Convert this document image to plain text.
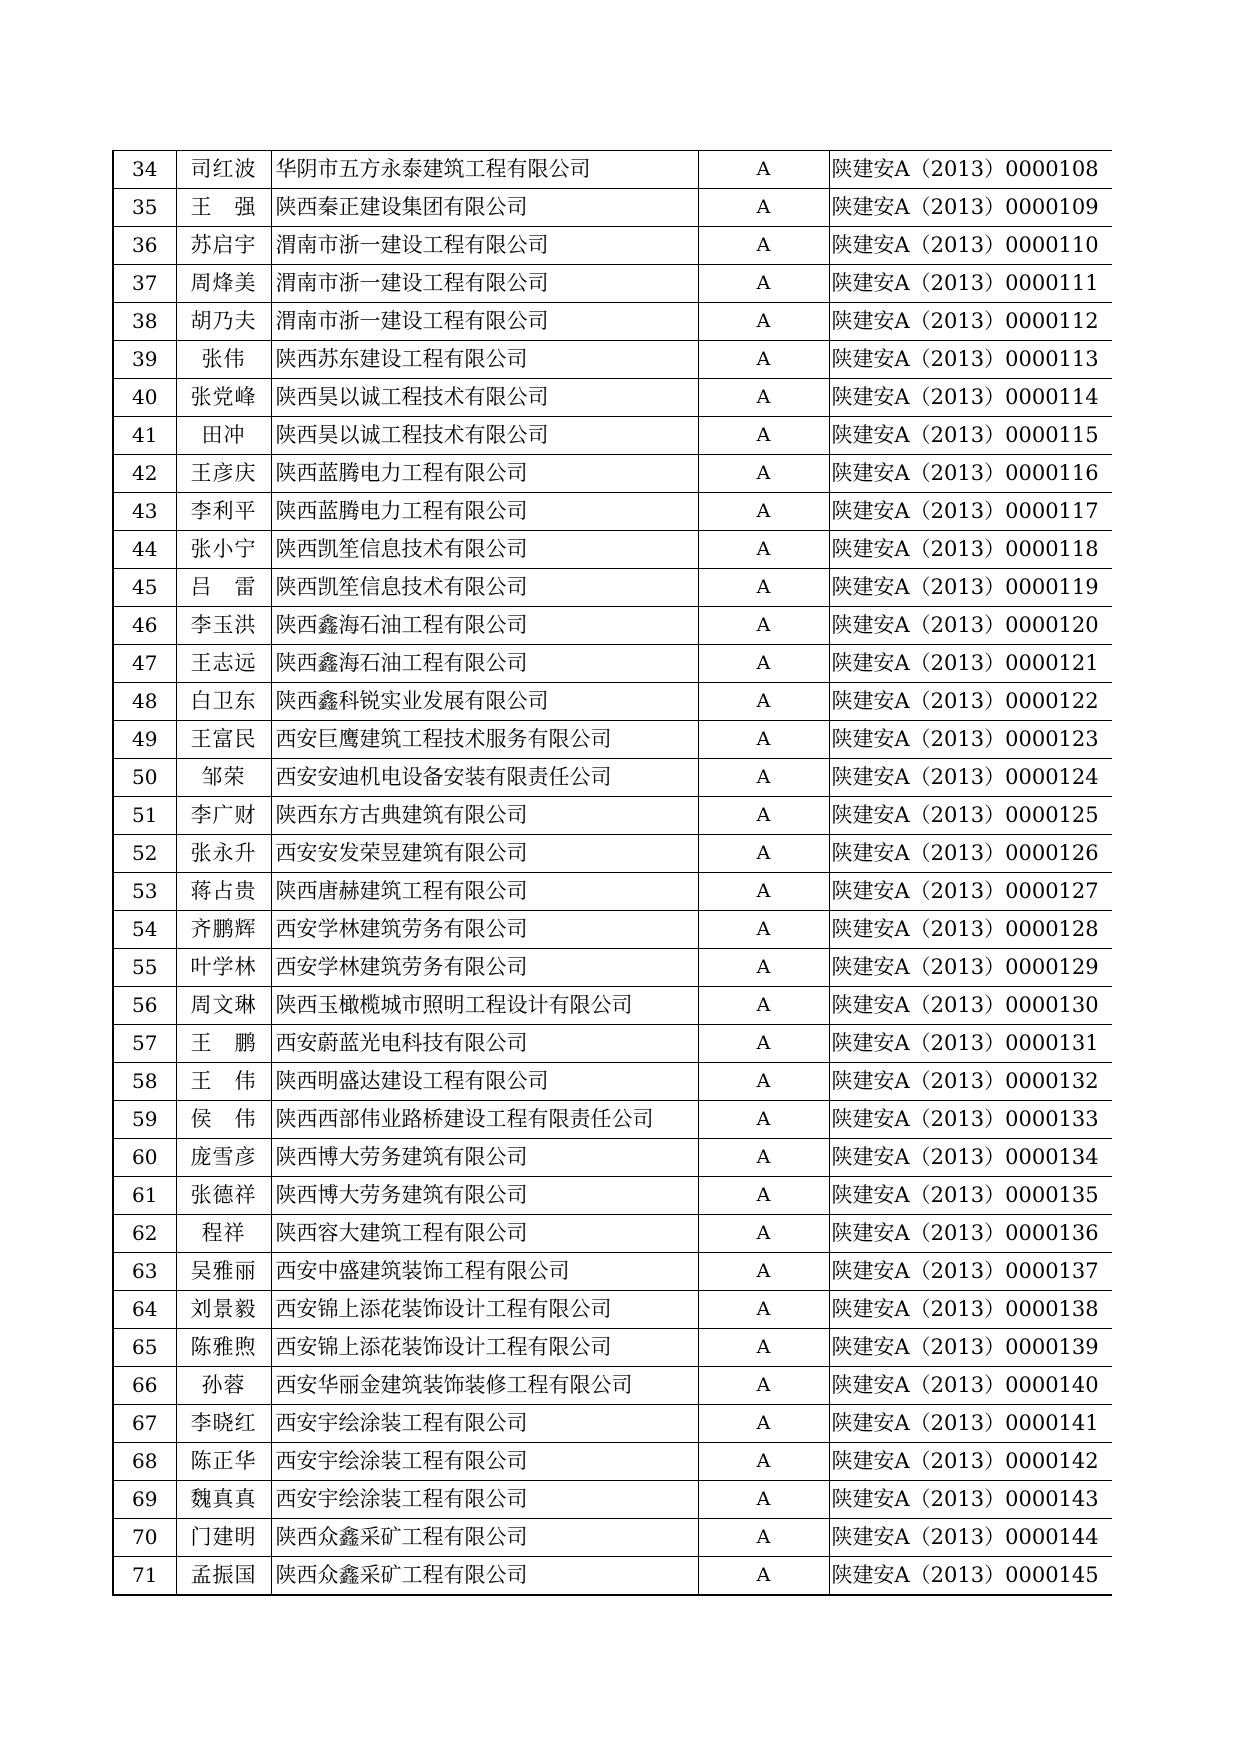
34	司红波	华阴市五方永泰建筑工程有限公司	A	陕建安A（2013）0000108
35	王　强	陕西秦正建设集团有限公司	A	陕建安A（2013）0000109
36	苏启宇	渭南市浙一建设工程有限公司	A	陕建安A（2013）0000110
37	周烽美	渭南市浙一建设工程有限公司	A	陕建安A（2013）0000111
38	胡乃夫	渭南市浙一建设工程有限公司	A	陕建安A（2013）0000112
39	张伟	陕西苏东建设工程有限公司	A	陕建安A（2013）0000113
40	张党峰	陕西昊以诚工程技术有限公司	A	陕建安A（2013）0000114
41	田冲	陕西昊以诚工程技术有限公司	A	陕建安A（2013）0000115
42	王彦庆	陕西蓝腾电力工程有限公司	A	陕建安A（2013）0000116
43	李利平	陕西蓝腾电力工程有限公司	A	陕建安A（2013）0000117
44	张小宁	陕西凯笙信息技术有限公司	A	陕建安A（2013）0000118
45	吕　雷	陕西凯笙信息技术有限公司	A	陕建安A（2013）0000119
46	李玉洪	陕西鑫海石油工程有限公司	A	陕建安A（2013）0000120
47	王志远	陕西鑫海石油工程有限公司	A	陕建安A（2013）0000121
48	白卫东	陕西鑫科锐实业发展有限公司	A	陕建安A（2013）0000122
49	王富民	西安巨鹰建筑工程技术服务有限公司	A	陕建安A（2013）0000123
50	邹荣	西安安迪机电设备安装有限责任公司	A	陕建安A（2013）0000124
51	李广财	陕西东方古典建筑有限公司	A	陕建安A（2013）0000125
52	张永升	西安安发荣昱建筑有限公司	A	陕建安A（2013）0000126
53	蒋占贵	陕西唐赫建筑工程有限公司	A	陕建安A（2013）0000127
54	齐鹏辉	西安学林建筑劳务有限公司	A	陕建安A（2013）0000128
55	叶学林	西安学林建筑劳务有限公司	A	陕建安A（2013）0000129
56	周文琳	陕西玉橄榄城市照明工程设计有限公司	A	陕建安A（2013）0000130
57	王　鹏	西安蔚蓝光电科技有限公司	A	陕建安A（2013）0000131
58	王　伟	陕西明盛达建设工程有限公司	A	陕建安A（2013）0000132
59	侯　伟	陕西西部伟业路桥建设工程有限责任公司	A	陕建安A（2013）0000133
60	庞雪彦	陕西博大劳务建筑有限公司	A	陕建安A（2013）0000134
61	张德祥	陕西博大劳务建筑有限公司	A	陕建安A（2013）0000135
62	程祥	陕西容大建筑工程有限公司	A	陕建安A（2013）0000136
63	吴雅丽	西安中盛建筑装饰工程有限公司	A	陕建安A（2013）0000137
64	刘景毅	西安锦上添花装饰设计工程有限公司	A	陕建安A（2013）0000138
65	陈雅煦	西安锦上添花装饰设计工程有限公司	A	陕建安A（2013）0000139
66	孙蓉	西安华丽金建筑装饰装修工程有限公司	A	陕建安A（2013）0000140
67	李晓红	西安宇绘涂装工程有限公司	A	陕建安A（2013）0000141
68	陈正华	西安宇绘涂装工程有限公司	A	陕建安A（2013）0000142
69	魏真真	西安宇绘涂装工程有限公司	A	陕建安A（2013）0000143
70	门建明	陕西众鑫采矿工程有限公司	A	陕建安A（2013）0000144
71	孟振国	陕西众鑫采矿工程有限公司	A	陕建安A（2013）0000145
